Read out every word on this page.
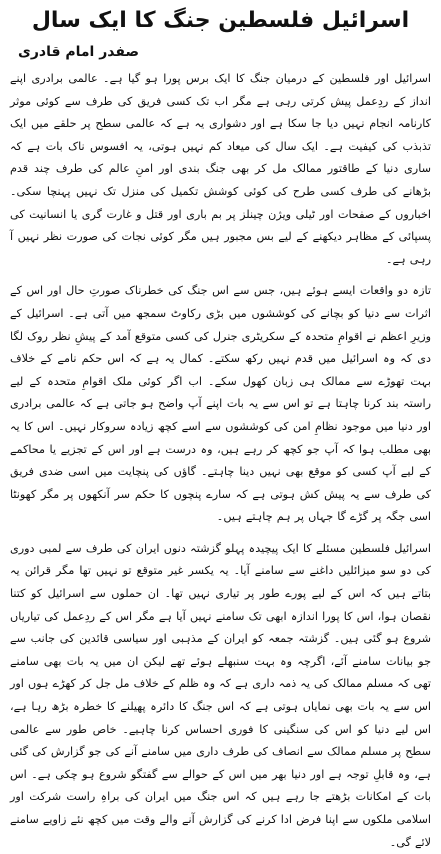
اسرائیل فلسطین جنگ کا ایک سال
صفدر امام قادری

اسرائیل اور فلسطین کے درمیان جنگ کا ایک برس پورا ہو گیا ہے۔ عالمی برادری اپنے انداز کے ردِعمل پیش کرتی رہی ہے مگر اب تک کسی فریق کی طرف سے کوئی موثر کارنامہ انجام نہیں دیا جا سکا ہے اور دشواری یہ ہے کہ عالمی سطح پر حلقے میں ایک تذبذب کی کیفیت ہے۔ ایک سال کی میعاد کم نہیں ہوتی، یہ افسوس ناک بات ہے کہ ساری دنیا کے طاقتور ممالک مل کر بھی جنگ بندی اور امنِ عالم کی طرف چند قدم بڑھانے کی طرف کسی طرح کی کوئی کوشش تکمیل کی منزل تک نہیں پہنچا سکی۔ اخباروں کے صفحات اور ٹیلی ویژن چینلز پر بم باری اور قتل و غارت گری یا انسانیت کی پسپائی کے مظاہر دیکھنے کے لیے بس مجبور ہیں مگر کوئی نجات کی صورت نظر نہیں آ رہی ہے۔

تازہ دو واقعات ایسے ہوئے ہیں، جس سے اس جنگ کی خطرناک صورتِ حال اور اس کے اثرات سے دنیا کو بچانے کی کوششوں میں بڑی رکاوٹ سمجھ میں آتی ہے۔ اسرائیل کے وزیرِ اعظم نے اقوامِ متحدہ کے سکریٹری جنرل کی کسی متوقع آمد کے پیشِ نظر روک لگا دی کہ وہ اسرائیل میں قدم نہیں رکھ سکتے۔ کمال یہ ہے کہ اس حکم نامے کے خلاف بہت تھوڑے سے ممالک ہی زبان کھول سکے۔ اب اگر کوئی ملک اقوامِ متحدہ کے لیے راستہ بند کرنا چاہتا ہے تو اس سے یہ بات اپنے آپ واضح ہو جاتی ہے کہ عالمی برادری اور دنیا میں موجود نظامِ امن کی کوششوں سے اسے کچھ زیادہ سروکار نہیں۔ اس کا یہ بھی مطلب ہوا کہ آپ جو کچھ کر رہے ہیں، وہ درست ہے اور اس کے تجزیے یا محاکمے کے لیے آپ کسی کو موقع بھی نہیں دینا چاہتے۔ گاؤں کی پنچایت میں اسی ضدی فریق کی طرف سے یہ پیش کش ہوتی ہے کہ سارے پنچوں کا حکم سر آنکھوں پر مگر کھونٹا اسی جگہ پر گڑے گا جہاں پر ہم چاہتے ہیں۔

اسرائیل فلسطین مسئلے کا ایک پیچیدہ پہلو گزشتہ دنوں ایران کی طرف سے لمبی دوری کی دو سو میزائلیں داغنے سے سامنے آیا۔ یہ یکسر غیر متوقع تو نہیں تھا مگر قرائن یہ بتاتے ہیں کہ اس کے لیے پورے طور پر تیاری نہیں تھا۔ ان حملوں سے اسرائیل کو کتنا نقصان ہوا، اس کا پورا اندازہ ابھی تک سامنے نہیں آیا ہے مگر اس کے ردِعمل کی تیاریاں شروع ہو گئی ہیں۔ گزشتہ جمعہ کو ایران کے مذہبی اور سیاسی قائدین کی جانب سے جو بیانات سامنے آئے، اگرچہ وہ بہت سنبھلے ہوئے تھے لیکن ان میں یہ بات بھی سامنے تھی کہ مسلم ممالک کی یہ ذمہ داری ہے کہ وہ ظلم کے خلاف مل جل کر کھڑے ہوں اور اس سے یہ بات بھی نمایاں ہوتی ہے کہ اس جنگ کا دائرہ پھیلنے کا خطرہ بڑھ رہا ہے، اس لیے دنیا کو اس کی سنگینی کا فوری احساس کرنا چاہیے۔ خاص طور سے عالمی سطح پر مسلم ممالک سے انصاف کی طرف داری میں سامنے آنے کی جو گزارش کی گئی ہے، وہ قابلِ توجہ ہے اور دنیا بھر میں اس کے حوالے سے گفتگو شروع ہو چکی ہے۔ اس بات کے امکانات بڑھتے جا رہے ہیں کہ اس جنگ میں ایران کی براہِ راست شرکت اور اسلامی ملکوں سے اپنا فرض ادا کرنے کی گزارش آنے والے وقت میں کچھ نئے زاویے سامنے لائے گی۔
